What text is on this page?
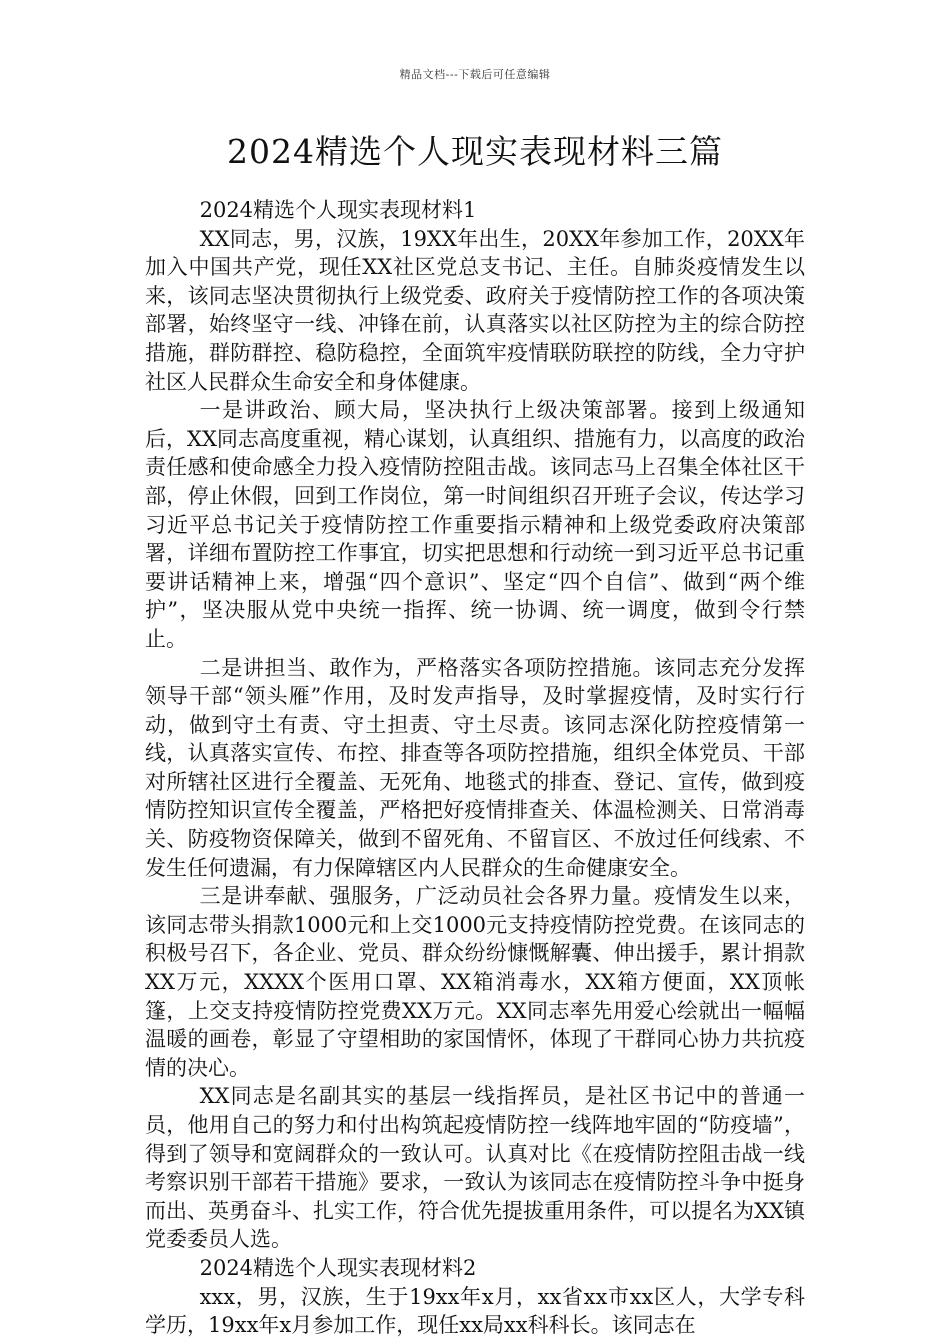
精品文档---下载后可任意编辑
2024精选个人现实表现材料三篇

2024精选个人现实表现材料1

XX同志，男，汉族，19XX年出生，20XX年参加工作，20XX年加入中国共产党，现任XX社区党总支书记、主任。自肺炎疫情发生以来，该同志坚决贯彻执行上级党委、政府关于疫情防控工作的各项决策部署，始终坚守一线、冲锋在前，认真落实以社区防控为主的综合防控措施，群防群控、稳防稳控，全面筑牢疫情联防联控的防线，全力守护社区人民群众生命安全和身体健康。

一是讲政治、顾大局，坚决执行上级决策部署。接到上级通知后，XX同志高度重视，精心谋划，认真组织、措施有力，以高度的政治责任感和使命感全力投入疫情防控阻击战。该同志马上召集全体社区干部，停止休假，回到工作岗位，第一时间组织召开班子会议，传达学习习近平总书记关于疫情防控工作重要指示精神和上级党委政府决策部署，详细布置防控工作事宜，切实把思想和行动统一到习近平总书记重要讲话精神上来，增强“四个意识”、坚定“四个自信”、做到“两个维护”，坚决服从党中央统一指挥、统一协调、统一调度，做到令行禁止。

二是讲担当、敢作为，严格落实各项防控措施。该同志充分发挥领导干部“领头雁”作用，及时发声指导，及时掌握疫情，及时实行行动，做到守土有责、守土担责、守土尽责。该同志深化防控疫情第一线，认真落实宣传、布控、排查等各项防控措施，组织全体党员、干部对所辖社区进行全覆盖、无死角、地毯式的排查、登记、宣传，做到疫情防控知识宣传全覆盖，严格把好疫情排查关、体温检测关、日常消毒关、防疫物资保障关，做到不留死角、不留盲区、不放过任何线索、不发生任何遗漏，有力保障辖区内人民群众的生命健康安全。

三是讲奉献、强服务，广泛动员社会各界力量。疫情发生以来，该同志带头捐款1000元和上交1000元支持疫情防控党费。在该同志的积极号召下，各企业、党员、群众纷纷慷慨解囊、伸出援手，累计捐款XX万元，XXXX个医用口罩、XX箱消毒水，XX箱方便面，XX顶帐篷，上交支持疫情防控党费XX万元。XX同志率先用爱心绘就出一幅幅温暖的画卷，彰显了守望相助的家国情怀，体现了干群同心协力共抗疫情的决心。

XX同志是名副其实的基层一线指挥员，是社区书记中的普通一员，他用自己的努力和付出构筑起疫情防控一线阵地牢固的“防疫墙”，得到了领导和宽阔群众的一致认可。认真对比《在疫情防控阻击战一线考察识别干部若干措施》要求，一致认为该同志在疫情防控斗争中挺身而出、英勇奋斗、扎实工作，符合优先提拔重用条件，可以提名为XX镇党委委员人选。

2024精选个人现实表现材料2

xxx，男，汉族，生于19xx年x月，xx省xx市xx区人，大学专科学历，19xx年x月参加工作，现任xx局xx科科长。该同志在
